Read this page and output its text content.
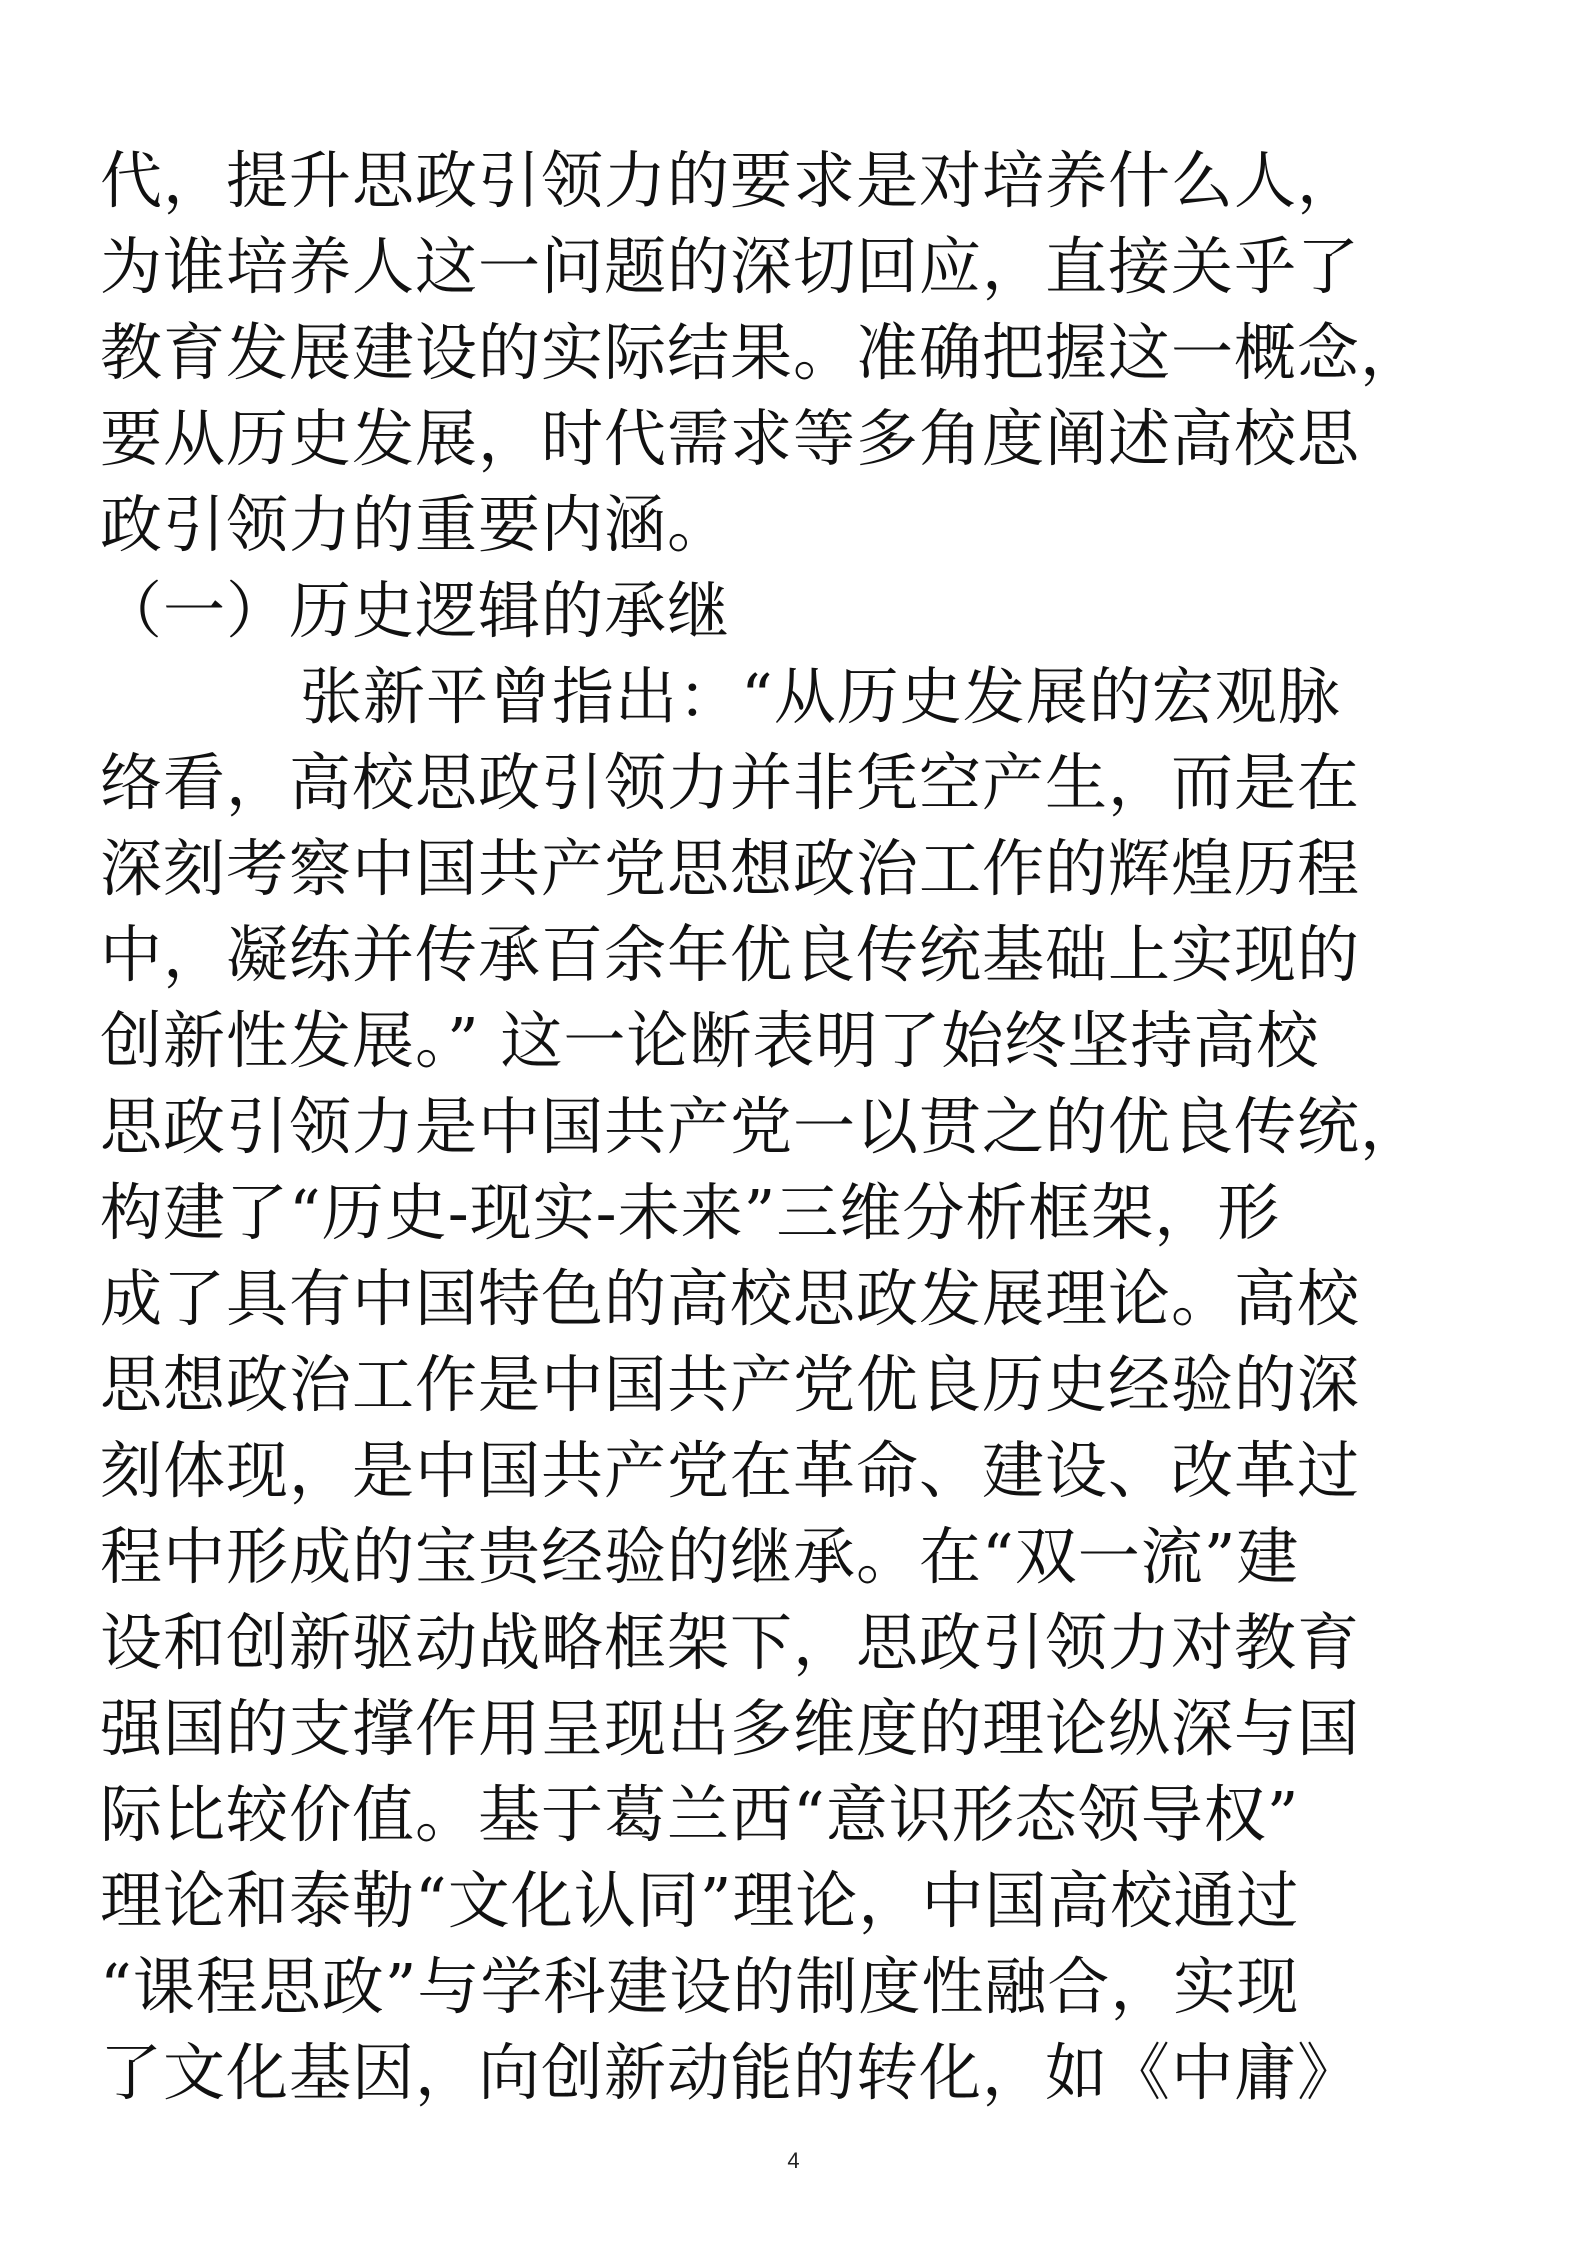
代，提升思政引领力的要求是对培养什么人，
为谁培养人这一问题的深切回应，直接关乎了
教育发展建设的实际结果。准确把握这一概念，
要从历史发展，时代需求等多角度阐述高校思
政引领力的重要内涵。
（一）历史逻辑的承继
张新平曾指出：“从历史发展的宏观脉
络看，高校思政引领力并非凭空产生，而是在
深刻考察中国共产党思想政治工作的辉煌历程
中，凝练并传承百余年优良传统基础上实现的
创新性发展。” 这一论断表明了始终坚持高校
思政引领力是中国共产党一以贯之的优良传统，
构建了“历史-现实-未来”三维分析框架，形
成了具有中国特色的高校思政发展理论。高校
思想政治工作是中国共产党优良历史经验的深
刻体现，是中国共产党在革命、建设、改革过
程中形成的宝贵经验的继承。在“双一流”建
设和创新驱动战略框架下，思政引领力对教育
强国的支撑作用呈现出多维度的理论纵深与国
际比较价值。基于葛兰西“意识形态领导权”
理论和泰勒“文化认同”理论，中国高校通过
“课程思政”与学科建设的制度性融合，实现
了文化基因，向创新动能的转化，如《中庸》
4
